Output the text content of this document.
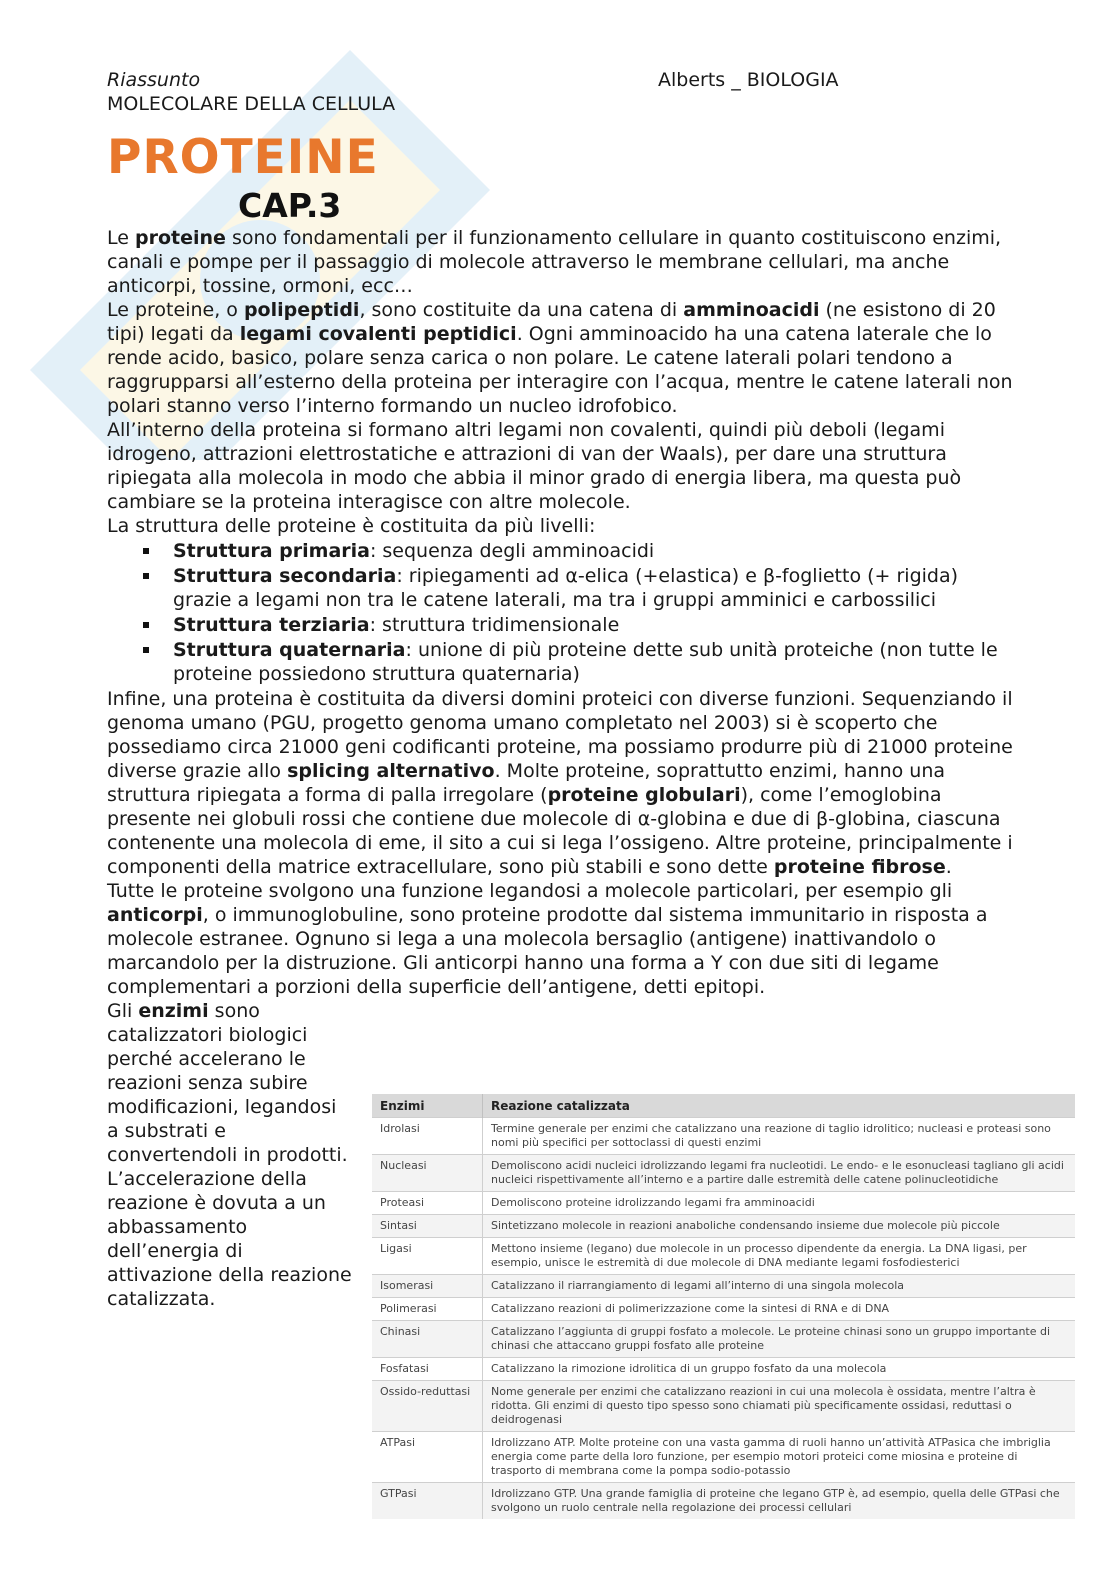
Riassunto
MOLECOLARE DELLA CELLULA
Alberts _ BIOLOGIA
PROTEINE
CAP.3

Le proteine sono fondamentali per il funzionamento cellulare in quanto costituiscono enzimi, canali e pompe per il passaggio di molecole attraverso le membrane cellulari, ma anche anticorpi, tossine, ormoni, ecc…

Le proteine, o polipeptidi, sono costituite da una catena di amminoacidi (ne esistono di 20 tipi) legati da legami covalenti peptidici. Ogni amminoacido ha una catena laterale che lo rende acido, basico, polare senza carica o non polare. Le catene laterali polari tendono a raggrupparsi all’esterno della proteina per interagire con l’acqua, mentre le catene laterali non polari stanno verso l’interno formando un nucleo idrofobico.

All’interno della proteina si formano altri legami non covalenti, quindi più deboli (legami idrogeno, attrazioni elettrostatiche e attrazioni di van der Waals), per dare una struttura ripiegata alla molecola in modo che abbia il minor grado di energia libera, ma questa può cambiare se la proteina interagisce con altre molecole.

La struttura delle proteine è costituita da più livelli:

Struttura primaria: sequenza degli amminoacidi
Struttura secondaria: ripiegamenti ad α-elica (+elastica) e β-foglietto (+ rigida) grazie a legami non tra le catene laterali, ma tra i gruppi amminici e carbossilici
Struttura terziaria: struttura tridimensionale
Struttura quaternaria: unione di più proteine dette sub unità proteiche (non tutte le proteine possiedono struttura quaternaria)

Infine, una proteina è costituita da diversi domini proteici con diverse funzioni. Sequenziando il genoma umano (PGU, progetto genoma umano completato nel 2003) si è scoperto che possediamo circa 21000 geni codificanti proteine, ma possiamo produrre più di 21000 proteine diverse grazie allo splicing alternativo. Molte proteine, soprattutto enzimi, hanno una struttura ripiegata a forma di palla irregolare (proteine globulari), come l’emoglobina presente nei globuli rossi che contiene due molecole di α-globina e due di β-globina, ciascuna contenente una molecola di eme, il sito a cui si lega l’ossigeno. Altre proteine, principalmente i componenti della matrice extracellulare, sono più stabili e sono dette proteine fibrose.

Tutte le proteine svolgono una funzione legandosi a molecole particolari, per esempio gli anticorpi, o immunoglobuline, sono proteine prodotte dal sistema immunitario in risposta a molecole estranee. Ognuno si lega a una molecola bersaglio (antigene) inattivandolo o marcandolo per la distruzione. Gli anticorpi hanno una forma a Y con due siti di legame complementari a porzioni della superficie dell’antigene, detti epitopi.

Gli enzimi sono catalizzatori biologici perché accelerano le reazioni senza subire modificazioni, legandosi a substrati e convertendoli in prodotti. L’accelerazione della reazione è dovuta a un abbassamento dell’energia di attivazione della reazione catalizzata.

Enzimi	Reazione catalizzata
Idrolasi	Termine generale per enzimi che catalizzano una reazione di taglio idrolitico; nucleasi e proteasi sono nomi più specifici per sottoclassi di questi enzimi
Nucleasi	Demoliscono acidi nucleici idrolizzando legami fra nucleotidi. Le endo- e le esonucleasi tagliano gli acidi nucleici rispettivamente all’interno e a partire dalle estremità delle catene polinucleotidiche
Proteasi	Demoliscono proteine idrolizzando legami fra amminoacidi
Sintasi	Sintetizzano molecole in reazioni anaboliche condensando insieme due molecole più piccole
Ligasi	Mettono insieme (legano) due molecole in un processo dipendente da energia. La DNA ligasi, per esempio, unisce le estremità di due molecole di DNA mediante legami fosfodiesterici
Isomerasi	Catalizzano il riarrangiamento di legami all’interno di una singola molecola
Polimerasi	Catalizzano reazioni di polimerizzazione come la sintesi di RNA e di DNA
Chinasi	Catalizzano l’aggiunta di gruppi fosfato a molecole. Le proteine chinasi sono un gruppo importante di chinasi che attaccano gruppi fosfato alle proteine
Fosfatasi	Catalizzano la rimozione idrolitica di un gruppo fosfato da una molecola
Ossido-reduttasi	Nome generale per enzimi che catalizzano reazioni in cui una molecola è ossidata, mentre l’altra è ridotta. Gli enzimi di questo tipo spesso sono chiamati più specificamente ossidasi, reduttasi o deidrogenasi
ATPasi	Idrolizzano ATP. Molte proteine con una vasta gamma di ruoli hanno un’attività ATPasica che imbriglia energia come parte della loro funzione, per esempio motori proteici come miosina e proteine di trasporto di membrana come la pompa sodio-potassio
GTPasi	Idrolizzano GTP. Una grande famiglia di proteine che legano GTP è, ad esempio, quella delle GTPasi che svolgono un ruolo centrale nella regolazione dei processi cellulari
